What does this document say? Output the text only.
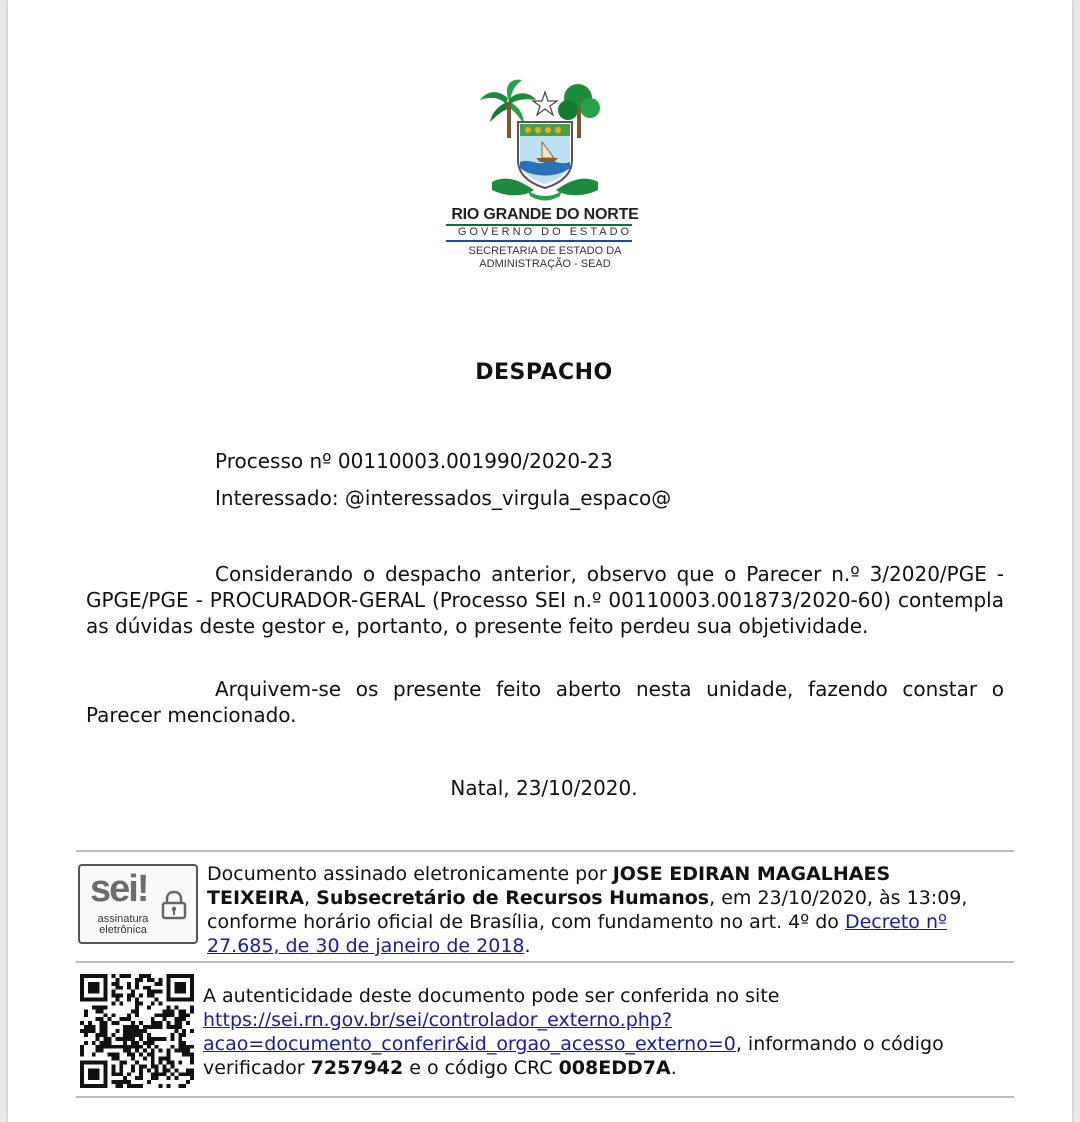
RIO GRANDE DO NORTE
GOVERNO DO ESTADO
SECRETARIA DE ESTADO DA
ADMINISTRAÇÃO - SEAD
DESPACHO
Processo nº 00110003.001990/2020-23
Interessado: @interessados_virgula_espaco@
Considerando o despacho anterior, observo que o Parecer n.º 3/2020/PGE - GPGE/PGE - PROCURADOR-GERAL (Processo SEI n.º 00110003.001873/2020-60) contempla as dúvidas deste gestor e, portanto, o presente feito perdeu sua objetividade.
Arquivem-se os presente feito aberto nesta unidade, fazendo constar o Parecer mencionado.
Natal, 23/10/2020.
sei!
assinatura
eletrônica
Documento assinado eletronicamente por JOSE EDIRAN MAGALHAES TEIXEIRA, Subsecretário de Recursos Humanos, em 23/10/2020, às 13:09, conforme horário oficial de Brasília, com fundamento no art. 4º do Decreto nº 27.685, de 30 de janeiro de 2018.
A autenticidade deste documento pode ser conferida no site https://sei.rn.gov.br/sei/controlador_externo.php?
acao=documento_conferir&id_orgao_acesso_externo=0, informando o código verificador 7257942 e o código CRC 008EDD7A.
